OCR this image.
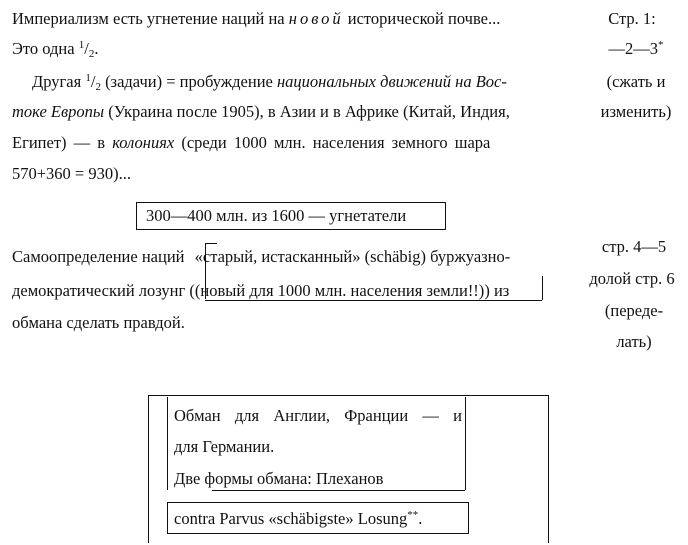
Империализм есть угнетение наций на новой исторической почве...
Это одна $^1/_2$.
Другая $^1/_2$ (задачи) = пробуждение национальных движений на Вос-
токе Европы (Украина после 1905), в Азии и в Африке (Китай, Индия,
Египет) — в колониях (среди 1000 млн. населения земного шара
570+360 = 930)...
300—400 млн. из 1600 — угнетатели
Самоопределение наций «старый, истасканный» (schäbig) буржуазно-
демократический лозунг ((новый для 1000 млн. населения земли!!)) из
обмана сделать правдой.
Стр. 1:
—2—3*
(сжать и
изменить)
стр. 4—5
долой стр. 6
(переде-
лать)
Обман для Англии, Франции — и
для Германии.
Две формы обмана: Плеханов
contra Parvus «schäbigste» Losung**.
